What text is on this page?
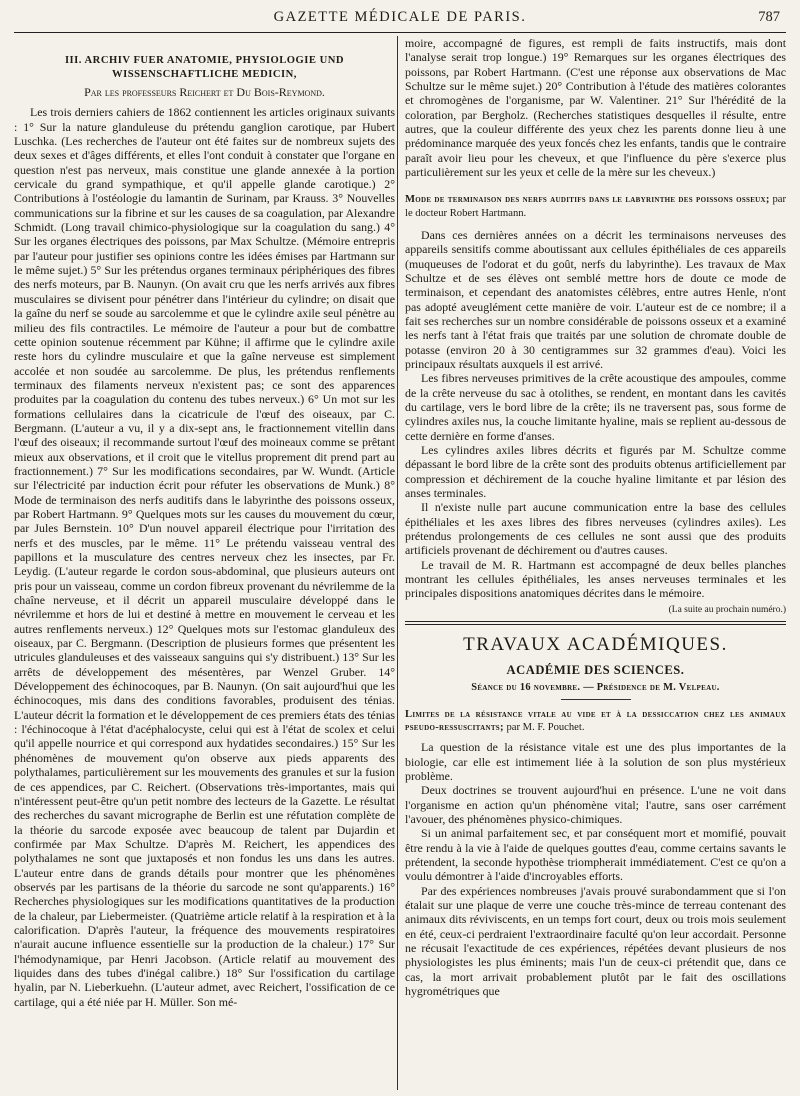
GAZETTE MÉDICALE DE PARIS.	787
III. ARCHIV FUER ANATOMIE, PHYSIOLOGIE UND WISSENSCHAFTLICHE MEDICIN,
Par les professeurs Reichert et Du Bois-Reymond.

Les trois derniers cahiers de 1862 contiennent les articles originaux suivants : 1° Sur la nature glanduleuse du prétendu ganglion carotique, par Hubert Luschka. (Les recherches de l'auteur ont été faites sur de nombreux sujets des deux sexes et d'âges différents, et elles l'ont conduit à constater que l'organe en question n'est pas nerveux, mais constitue une glande annexée à la portion cervicale du grand sympathique, et qu'il appelle glande carotique.) 2° Contributions à l'ostéologie du lamantin de Surinam, par Krauss. 3° Nouvelles communications sur la fibrine et sur les causes de sa coagulation, par Alexandre Schmidt. (Long travail chimico-physiologique sur la coagulation du sang.) 4° Sur les organes électriques des poissons, par Max Schultze. (Mémoire entrepris par l'auteur pour justifier ses opinions contre les idées émises par Hartmann sur le même sujet.) 5° Sur les prétendus organes terminaux périphériques des fibres des nerfs moteurs, par B. Naunyn. (On avait cru que les nerfs arrivés aux fibres musculaires se divisent pour pénétrer dans l'intérieur du cylindre; on disait que la gaîne du nerf se soude au sarcolemme et que le cylindre axile seul pénètre au milieu des fils contractiles. Le mémoire de l'auteur a pour but de combattre cette opinion soutenue récemment par Kühne; il affirme que le cylindre axile reste hors du cylindre musculaire et que la gaîne nerveuse est simplement accolée et non soudée au sarcolemme. De plus, les prétendus renflements terminaux des filaments nerveux n'existent pas; ce sont des apparences produites par la coagulation du contenu des tubes nerveux.) 6° Un mot sur les formations cellulaires dans la cicatricule de l'œuf des oiseaux, par C. Bergmann. (L'auteur a vu, il y a dix-sept ans, le fractionnement vitellin dans l'œuf des oiseaux; il recommande surtout l'œuf des moineaux comme se prêtant mieux aux observations, et il croit que le vitellus proprement dit prend part au fractionnement.) 7° Sur les modifications secondaires, par W. Wundt. (Article sur l'électricité par induction écrit pour réfuter les observations de Munk.) 8° Mode de terminaison des nerfs auditifs dans le labyrinthe des poissons osseux, par Robert Hartmann. 9° Quelques mots sur les causes du mouvement du cœur, par Jules Bernstein. 10° D'un nouvel appareil électrique pour l'irritation des nerfs et des muscles, par le même. 11° Le prétendu vaisseau ventral des papillons et la musculature des centres nerveux chez les insectes, par Fr. Leydig. (L'auteur regarde le cordon sous-abdominal, que plusieurs auteurs ont pris pour un vaisseau, comme un cordon fibreux provenant du névrilemme de la chaîne nerveuse, et il décrit un appareil musculaire développé dans le névrilemme et hors de lui et destiné à mettre en mouvement le cerveau et les autres renflements nerveux.) 12° Quelques mots sur l'estomac glanduleux des oiseaux, par C. Bergmann. (Description de plusieurs formes que présentent les utricules glanduleuses et des vaisseaux sanguins qui s'y distribuent.) 13° Sur les arrêts de développement des mésentères, par Wenzel Gruber. 14° Développement des échinocoques, par B. Naunyn. (On sait aujourd'hui que les échinocoques, mis dans des conditions favorables, produisent des ténias. L'auteur décrit la formation et le développement de ces premiers états des ténias : l'échinocoque à l'état d'acéphalocyste, celui qui est à l'état de scolex et celui qu'il appelle nourrice et qui correspond aux hydatides secondaires.) 15° Sur les phénomènes de mouvement qu'on observe aux pieds apparents des polythalames, particulièrement sur les mouvements des granules et sur la fusion de ces appendices, par C. Reichert. (Observations très-importantes, mais qui n'intéressent peut-être qu'un petit nombre des lecteurs de la Gazette. Le résultat des recherches du savant micrographe de Berlin est une réfutation complète de la théorie du sarcode exposée avec beaucoup de talent par Dujardin et confirmée par Max Schultze. D'après M. Reichert, les appendices des polythalames ne sont que juxtaposés et non fondus les uns dans les autres. L'auteur entre dans de grands détails pour montrer que les phénomènes observés par les partisans de la théorie du sarcode ne sont qu'apparents.) 16° Recherches physiologiques sur les modifications quantitatives de la production de la chaleur, par Liebermeister. (Quatrième article relatif à la respiration et à la calorification. D'après l'auteur, la fréquence des mouvements respiratoires n'aurait aucune influence essentielle sur la production de la chaleur.) 17° Sur l'hémodynamique, par Henri Jacobson. (Article relatif au mouvement des liquides dans des tubes d'inégal calibre.) 18° Sur l'ossification du cartilage hyalin, par N. Lieberkuehn. (L'auteur admet, avec Reichert, l'ossification de ce cartilage, qui a été niée par H. Müller. Son mé-

moire, accompagné de figures, est rempli de faits instructifs, mais dont l'analyse serait trop longue.) 19° Remarques sur les organes électriques des poissons, par Robert Hartmann. (C'est une réponse aux observations de Mac Schultze sur le même sujet.) 20° Contribution à l'étude des matières colorantes et chromogènes de l'organisme, par W. Valentiner. 21° Sur l'hérédité de la coloration, par Bergholz. (Recherches statistiques desquelles il résulte, entre autres, que la couleur différente des yeux chez les parents donne lieu à une prédominance marquée des yeux foncés chez les enfants, tandis que le contraire paraît avoir lieu pour les cheveux, et que l'influence du père s'exerce plus particulièrement sur les yeux et celle de la mère sur les cheveux.)

Mode de terminaison des nerfs auditifs dans le labyrinthe des poissons osseux; par le docteur Robert Hartmann.

Dans ces dernières années on a décrit les terminaisons nerveuses des appareils sensitifs comme aboutissant aux cellules épithéliales de ces appareils (muqueuses de l'odorat et du goût, nerfs du labyrinthe). Les travaux de Max Schultze et de ses élèves ont semblé mettre hors de doute ce mode de terminaison, et cependant des anatomistes célèbres, entre autres Henle, n'ont pas adopté aveuglément cette manière de voir. L'auteur est de ce nombre; il a fait ses recherches sur un nombre considérable de poissons osseux et a examiné les nerfs tant à l'état frais que traités par une solution de chromate double de potasse (environ 20 à 30 centigrammes sur 32 grammes d'eau). Voici les principaux résultats auxquels il est arrivé.

Les fibres nerveuses primitives de la crête acoustique des ampoules, comme de la crête nerveuse du sac à otolithes, se rendent, en montant dans les cavités du cartilage, vers le bord libre de la crête; ils ne traversent pas, sous forme de cylindres axiles nus, la couche limitante hyaline, mais se replient au-dessous de cette dernière en forme d'anses.

Les cylindres axiles libres décrits et figurés par M. Schultze comme dépassant le bord libre de la crête sont des produits obtenus artificiellement par compression et déchirement de la couche hyaline limitante et par lésion des anses terminales.

Il n'existe nulle part aucune communication entre la base des cellules épithéliales et les axes libres des fibres nerveuses (cylindres axiles). Les prétendus prolongements de ces cellules ne sont aussi que des produits artificiels provenant de déchirement ou d'autres causes.

Le travail de M. R. Hartmann est accompagné de deux belles planches montrant les cellules épithéliales, les anses nerveuses terminales et les principales dispositions anatomiques décrites dans le mémoire.

(La suite au prochain numéro.)
TRAVAUX ACADÉMIQUES.
ACADÉMIE DES SCIENCES.
Séance du 16 novembre. — Présidence de M. Velpeau.

Limites de la résistance vitale au vide et à la dessiccation chez les animaux pseudo-ressuscitants; par M. F. Pouchet.

La question de la résistance vitale est une des plus importantes de la biologie, car elle est intimement liée à la solution de son plus mystérieux problème.

Deux doctrines se trouvent aujourd'hui en présence. L'une ne voit dans l'organisme en action qu'un phénomène vital; l'autre, sans oser carrément l'avouer, des phénomènes physico-chimiques.

Si un animal parfaitement sec, et par conséquent mort et momifié, pouvait être rendu à la vie à l'aide de quelques gouttes d'eau, comme certains savants le prétendent, la seconde hypothèse triompherait immédiatement. C'est ce qu'on a voulu démontrer à l'aide d'incroyables efforts.

Par des expériences nombreuses j'avais prouvé surabondamment que si l'on étalait sur une plaque de verre une couche très-mince de terreau contenant des animaux dits réviviscents, en un temps fort court, deux ou trois mois seulement en été, ceux-ci perdraient l'extraordinaire faculté qu'on leur accordait. Personne ne récusait l'exactitude de ces expériences, répétées devant plusieurs de nos physiologistes les plus éminents; mais l'un de ceux-ci prétendit que, dans ce cas, la mort arrivait probablement plutôt par le fait des oscillations hygrométriques que
